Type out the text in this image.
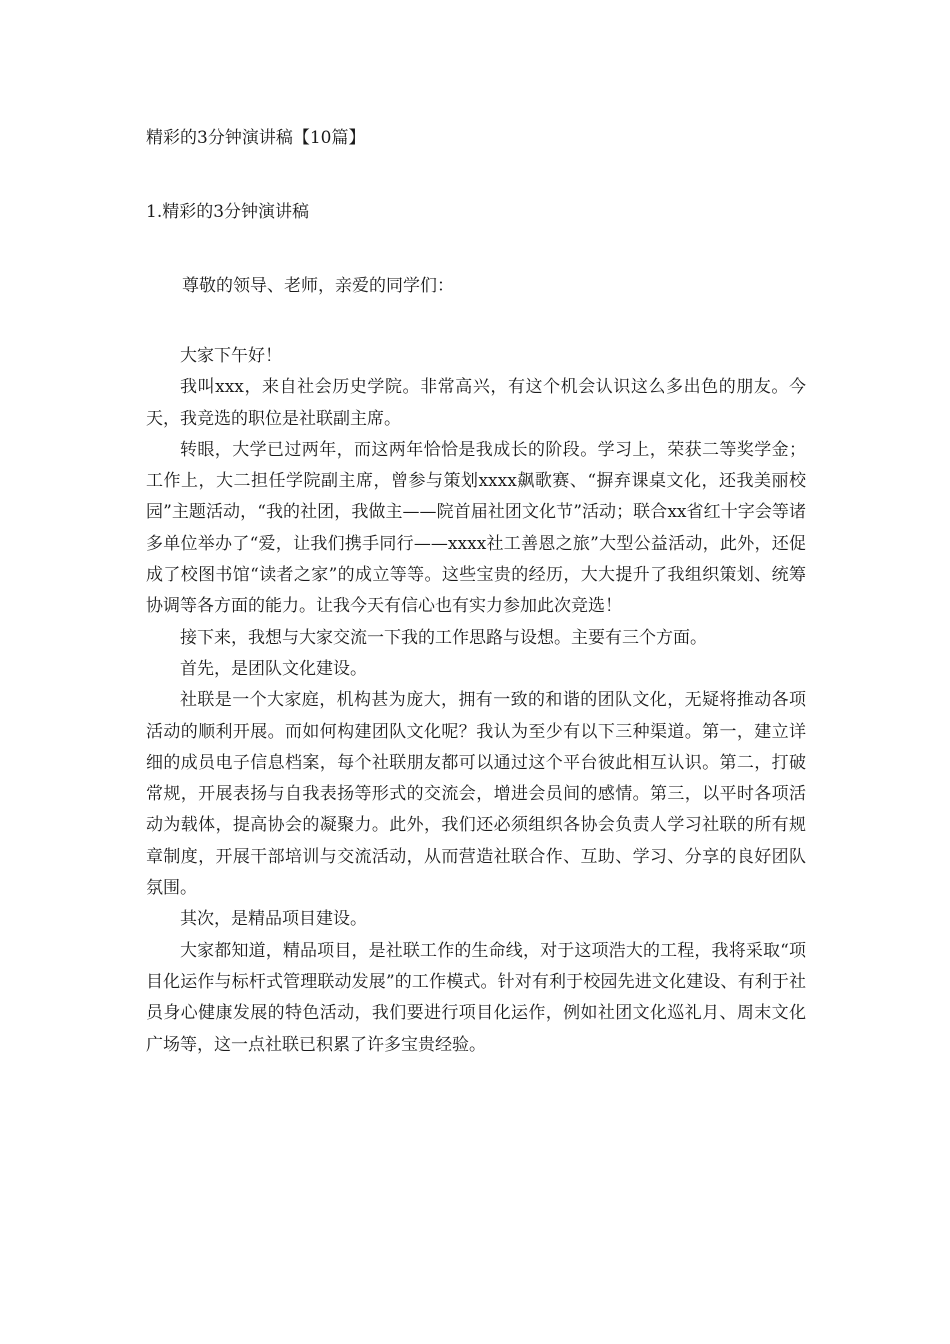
精彩的3分钟演讲稿【10篇】
1.精彩的3分钟演讲稿

尊敬的领导、老师，亲爱的同学们：

大家下午好！

我叫xxx，来自社会历史学院。非常高兴，有这个机会认识这么多出色的朋友。今天，我竞选的职位是社联副主席。

转眼，大学已过两年，而这两年恰恰是我成长的阶段。学习上，荣获二等奖学金；工作上，大二担任学院副主席，曾参与策划xxxx飙歌赛、“摒弃课桌文化，还我美丽校园”主题活动，“我的社团，我做主——院首届社团文化节”活动；联合xx省红十字会等诸多单位举办了“爱，让我们携手同行——xxxx社工善恩之旅”大型公益活动，此外，还促成了校图书馆“读者之家”的成立等等。这些宝贵的经历，大大提升了我组织策划、统筹协调等各方面的能力。让我今天有信心也有实力参加此次竞选！

接下来，我想与大家交流一下我的工作思路与设想。主要有三个方面。

首先，是团队文化建设。

社联是一个大家庭，机构甚为庞大，拥有一致的和谐的团队文化，无疑将推动各项活动的顺利开展。而如何构建团队文化呢？我认为至少有以下三种渠道。第一，建立详细的成员电子信息档案，每个社联朋友都可以通过这个平台彼此相互认识。第二，打破常规，开展表扬与自我表扬等形式的交流会，增进会员间的感情。第三，以平时各项活动为载体，提高协会的凝聚力。此外，我们还必须组织各协会负责人学习社联的所有规章制度，开展干部培训与交流活动，从而营造社联合作、互助、学习、分享的良好团队氛围。

其次，是精品项目建设。

大家都知道，精品项目，是社联工作的生命线，对于这项浩大的工程，我将采取“项目化运作与标杆式管理联动发展”的工作模式。针对有利于校园先进文化建设、有利于社员身心健康发展的特色活动，我们要进行项目化运作，例如社团文化巡礼月、周末文化广场等，这一点社联已积累了许多宝贵经验。
